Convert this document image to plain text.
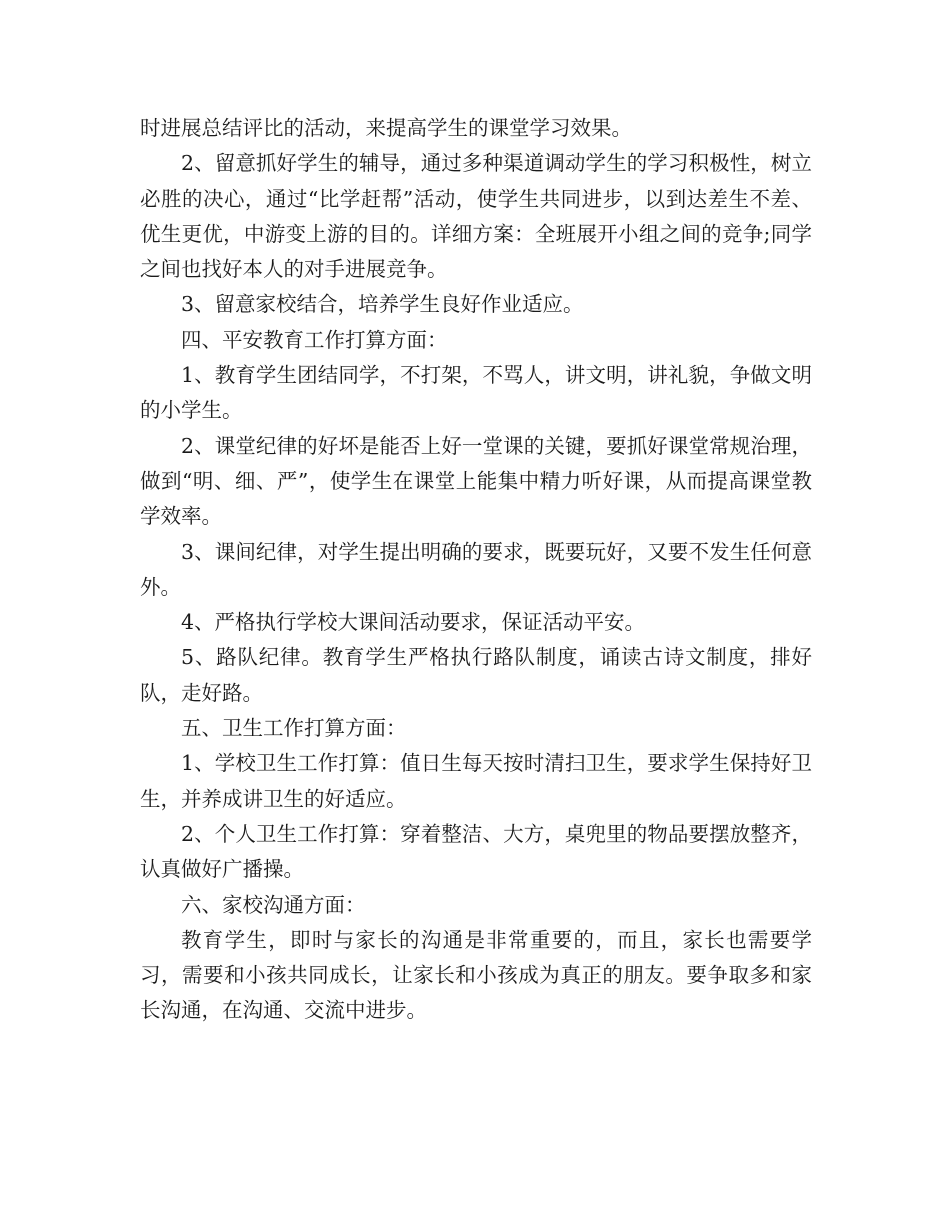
时进展总结评比的活动，来提高学生的课堂学习效果。

2、留意抓好学生的辅导，通过多种渠道调动学生的学习积极性，树立必胜的决心，通过“比学赶帮”活动，使学生共同进步，以到达差生不差、优生更优，中游变上游的目的。详细方案：全班展开小组之间的竞争;同学之间也找好本人的对手进展竞争。

3、留意家校结合，培养学生良好作业适应。

四、平安教育工作打算方面：

1、教育学生团结同学，不打架，不骂人，讲文明，讲礼貌，争做文明的小学生。

2、课堂纪律的好坏是能否上好一堂课的关键，要抓好课堂常规治理，做到“明、细、严”，使学生在课堂上能集中精力听好课，从而提高课堂教学效率。

3、课间纪律，对学生提出明确的要求，既要玩好，又要不发生任何意外。

4、严格执行学校大课间活动要求，保证活动平安。

5、路队纪律。教育学生严格执行路队制度，诵读古诗文制度，排好队，走好路。

五、卫生工作打算方面：

1、学校卫生工作打算：值日生每天按时清扫卫生，要求学生保持好卫生，并养成讲卫生的好适应。

2、个人卫生工作打算：穿着整洁、大方，桌兜里的物品要摆放整齐，认真做好广播操。

六、家校沟通方面：

教育学生，即时与家长的沟通是非常重要的，而且，家长也需要学习，需要和小孩共同成长，让家长和小孩成为真正的朋友。要争取多和家长沟通，在沟通、交流中进步。
